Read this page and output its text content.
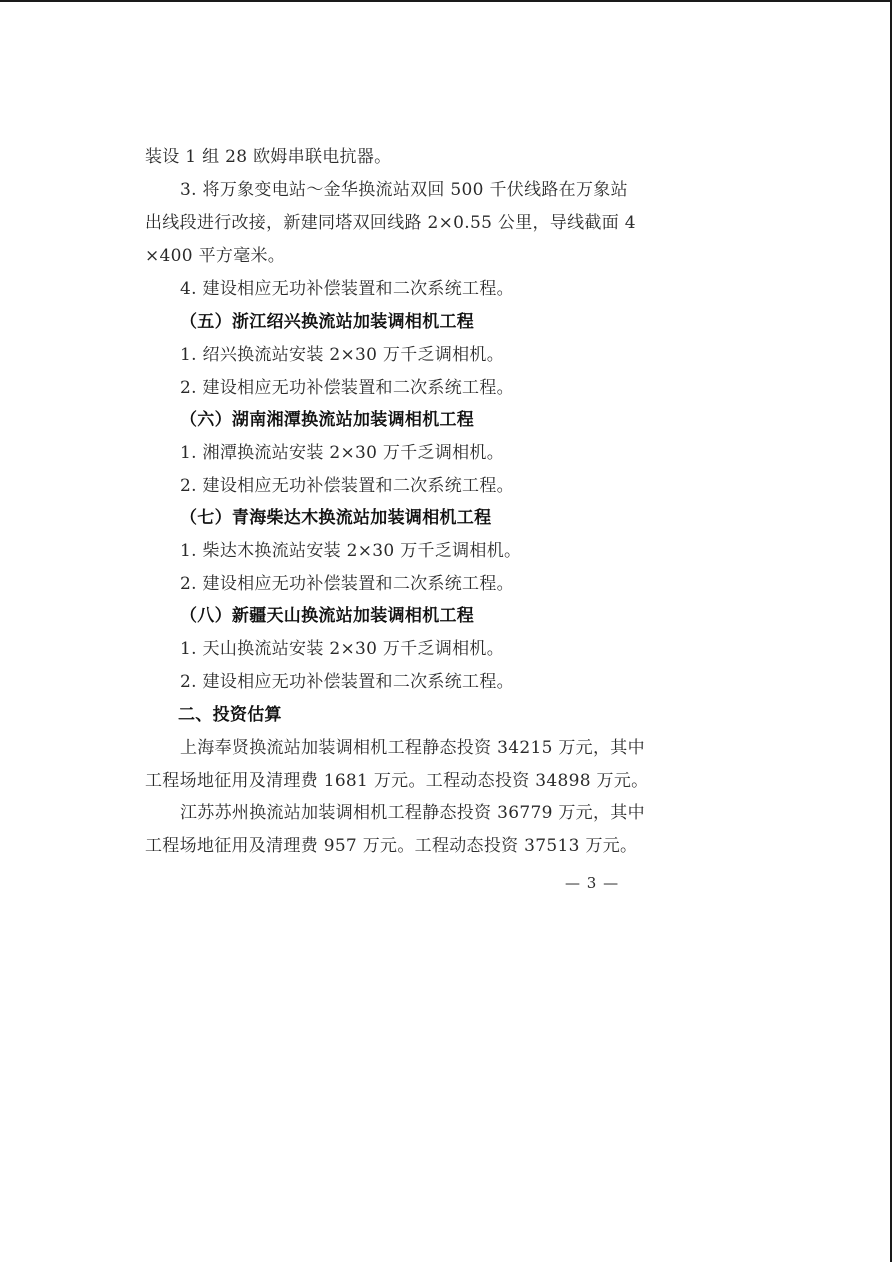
装设 1 组 28 欧姆串联电抗器。

3. 将万象变电站～金华换流站双回 500 千伏线路在万象站

出线段进行改接，新建同塔双回线路 2×0.55 公里，导线截面 4

×400 平方毫米。

4. 建设相应无功补偿装置和二次系统工程。

（五）浙江绍兴换流站加装调相机工程

1. 绍兴换流站安装 2×30 万千乏调相机。

2. 建设相应无功补偿装置和二次系统工程。

（六）湖南湘潭换流站加装调相机工程

1. 湘潭换流站安装 2×30 万千乏调相机。

2. 建设相应无功补偿装置和二次系统工程。

（七）青海柴达木换流站加装调相机工程

1. 柴达木换流站安装 2×30 万千乏调相机。

2. 建设相应无功补偿装置和二次系统工程。

（八）新疆天山换流站加装调相机工程

1. 天山换流站安装 2×30 万千乏调相机。

2. 建设相应无功补偿装置和二次系统工程。

二、投资估算

上海奉贤换流站加装调相机工程静态投资 34215 万元，其中

工程场地征用及清理费 1681 万元。工程动态投资 34898 万元。

江苏苏州换流站加装调相机工程静态投资 36779 万元，其中

工程场地征用及清理费 957 万元。工程动态投资 37513 万元。

— 3 —
